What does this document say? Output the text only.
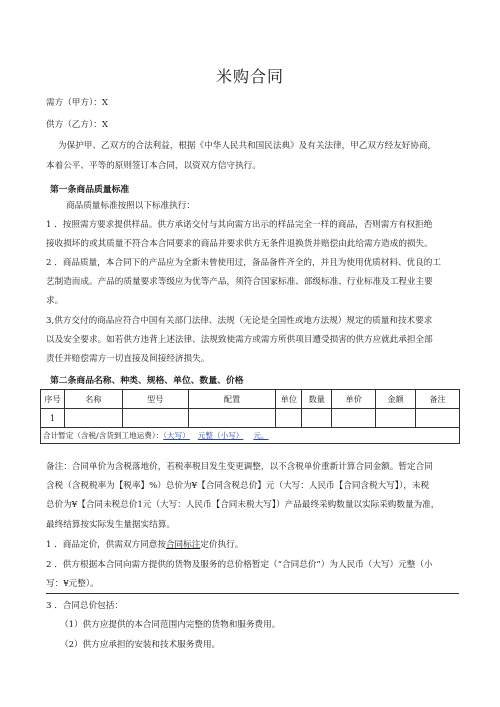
米购合同
需方（甲方）：X
供方（乙方）：X
为保护甲、乙双方的合法利益，根据《中华人民共和国民法典》及有关法律，甲乙双方经友好协商，
本着公平、平等的原则签订本合同，以资双方信守执行。
第一条商品质量标准
商品质量标准按照以下标准执行：
1 ．按照需方要求提供样品。供方承诺交付与其向需方出示的样品完全一样的商品，否则需方有权拒绝
接收损坏的或其质量不符合本合同要求的商品并要求供方无条件退换货并赔偿由此给需方造成的损失。
2 ．商品质量，本合同下的产品应为全新未曾使用过，备品备件齐全的，并且为使用优质材料、优良的工
艺制造而成。产品的质量要求等级应为优等产品，须符合国家标准、部级标准、行业标准及工程业主要
求。
3,供方交付的商品应符合中国有关部门法律、法规（无论是全国性或地方法规）规定的质量和技术要求
以及安全要求。如若供方违背上述法律、法规致使需方或需方所供项目遭受损害的供方应就此承担全部
责任并赔偿需方一切直接及间接经济损失。
第二条商品名称、种类、规格、单位、数量、价格
序号	名称	型号	配置	单位	数量	单价	金额	备注
1								
合计暂定（含税/含货到工地运费）：（大写） 元整（小写） 元。								
备注：合同单价为含税落地价，若税率税目发生变更调整，以不含税单价重新计算合同金额。暂定合同
含税（含税税率为【税率】%）总价为¥【合同含税总价】元（大写：人民币【合同含税大写】），未税
总价为¥【合同未税总价1元（大写：人民币【合同未税大写】）产品最终采购数量以实际采购数量为准，
最终结算按实际发生量据实结算。
1 ．商品定价，供需双方同意按合同标注定价执行。
2 ．供方根据本合同向需方提供的货物及服务的总价格暂定（“合同总价”）为人民币（大写）元整（小
写：¥元整）。
3 ．合同总价包括：
（1）供方应提供的本合同范围内完整的货物和服务费用。
（2）供方应承担的安装和技术服务费用。
